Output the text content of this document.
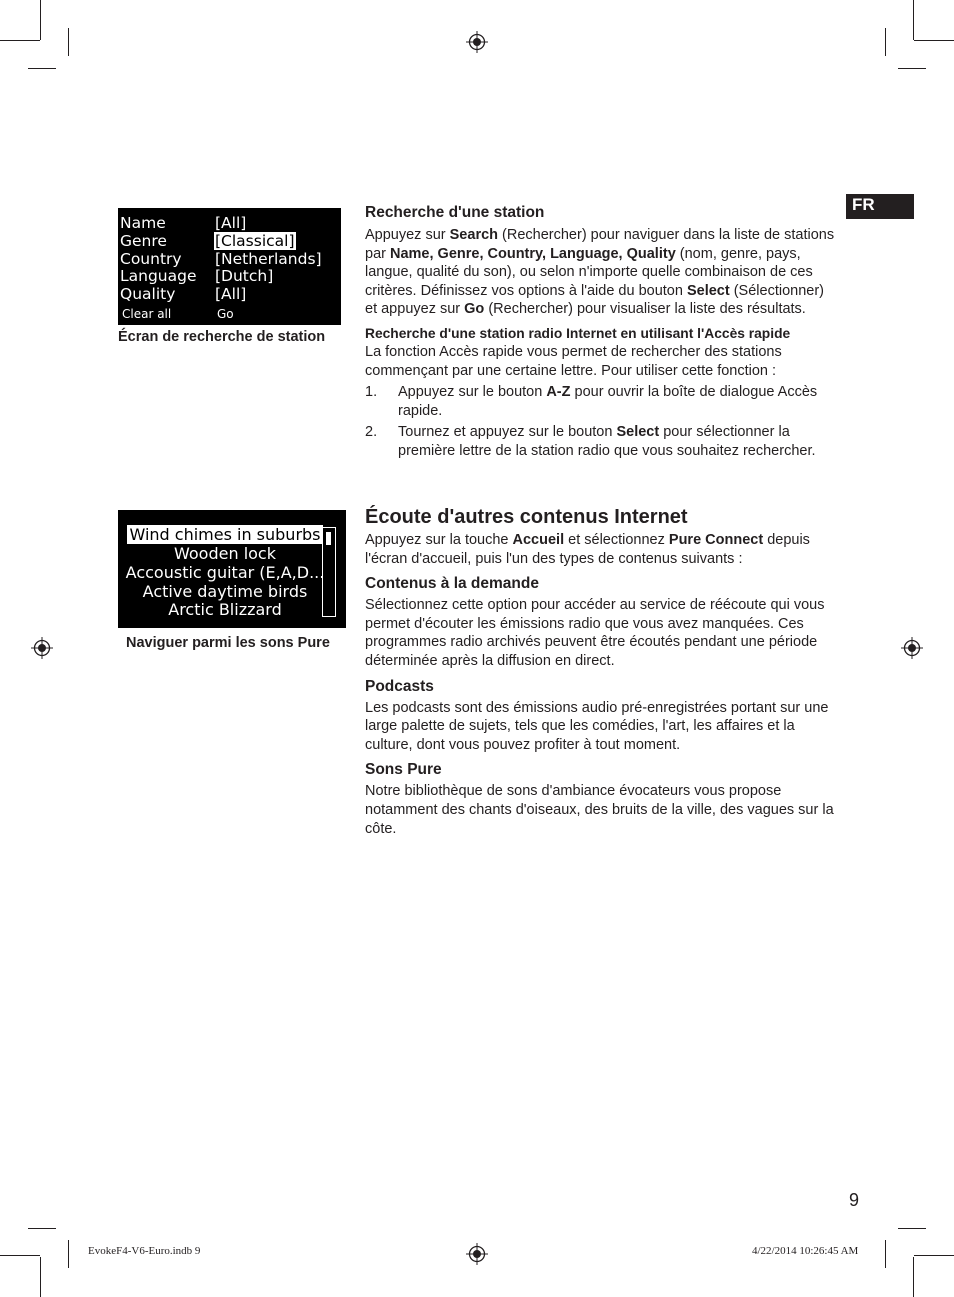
FR
Name	[All]
Genre	[Classical]
Country [Netherlands]
Language [Dutch]
Quality	[All]
Clear all	Go
Écran de recherche de station
Wind chimes in suburbs
Wooden lock
Accoustic guitar (E,A,D...
Active daytime birds
Arctic Blizzard
Naviguer parmi les sons Pure
Recherche d'une station

Appuyez sur Search (Rechercher) pour naviguer dans la liste de stations par Name, Genre, Country, Language, Quality (nom, genre, pays, langue, qualité du son), ou selon n'importe quelle combinaison de ces critères. Définissez vos options à l'aide du bouton Select (Sélectionner) et appuyez sur Go (Rechercher) pour visualiser la liste des résultats.

Recherche d'une station radio Internet en utilisant l'Accès rapide

La fonction Accès rapide vous permet de rechercher des stations commençant par une certaine lettre. Pour utiliser cette fonction :

1. Appuyez sur le bouton A-Z pour ouvrir la boîte de dialogue Accès rapide.
2. Tournez et appuyez sur le bouton Select pour sélectionner la première lettre de la station radio que vous souhaitez rechercher.
Écoute d'autres contenus Internet

Appuyez sur la touche Accueil et sélectionnez Pure Connect depuis l'écran d'accueil, puis l'un des types de contenus suivants :

Contenus à la demande

Sélectionnez cette option pour accéder au service de réécoute qui vous permet d'écouter les émissions radio que vous avez manquées. Ces programmes radio archivés peuvent être écoutés pendant une période déterminée après la diffusion en direct.

Podcasts

Les podcasts sont des émissions audio pré-enregistrées portant sur une large palette de sujets, tels que les comédies, l'art, les affaires et la culture, dont vous pouvez profiter à tout moment.

Sons Pure

Notre bibliothèque de sons d'ambiance évocateurs vous propose notamment des chants d'oiseaux, des bruits de la ville, des vagues sur la côte.

9
EvokeF4-V6-Euro.indb 9	4/22/2014 10:26:45 AM
